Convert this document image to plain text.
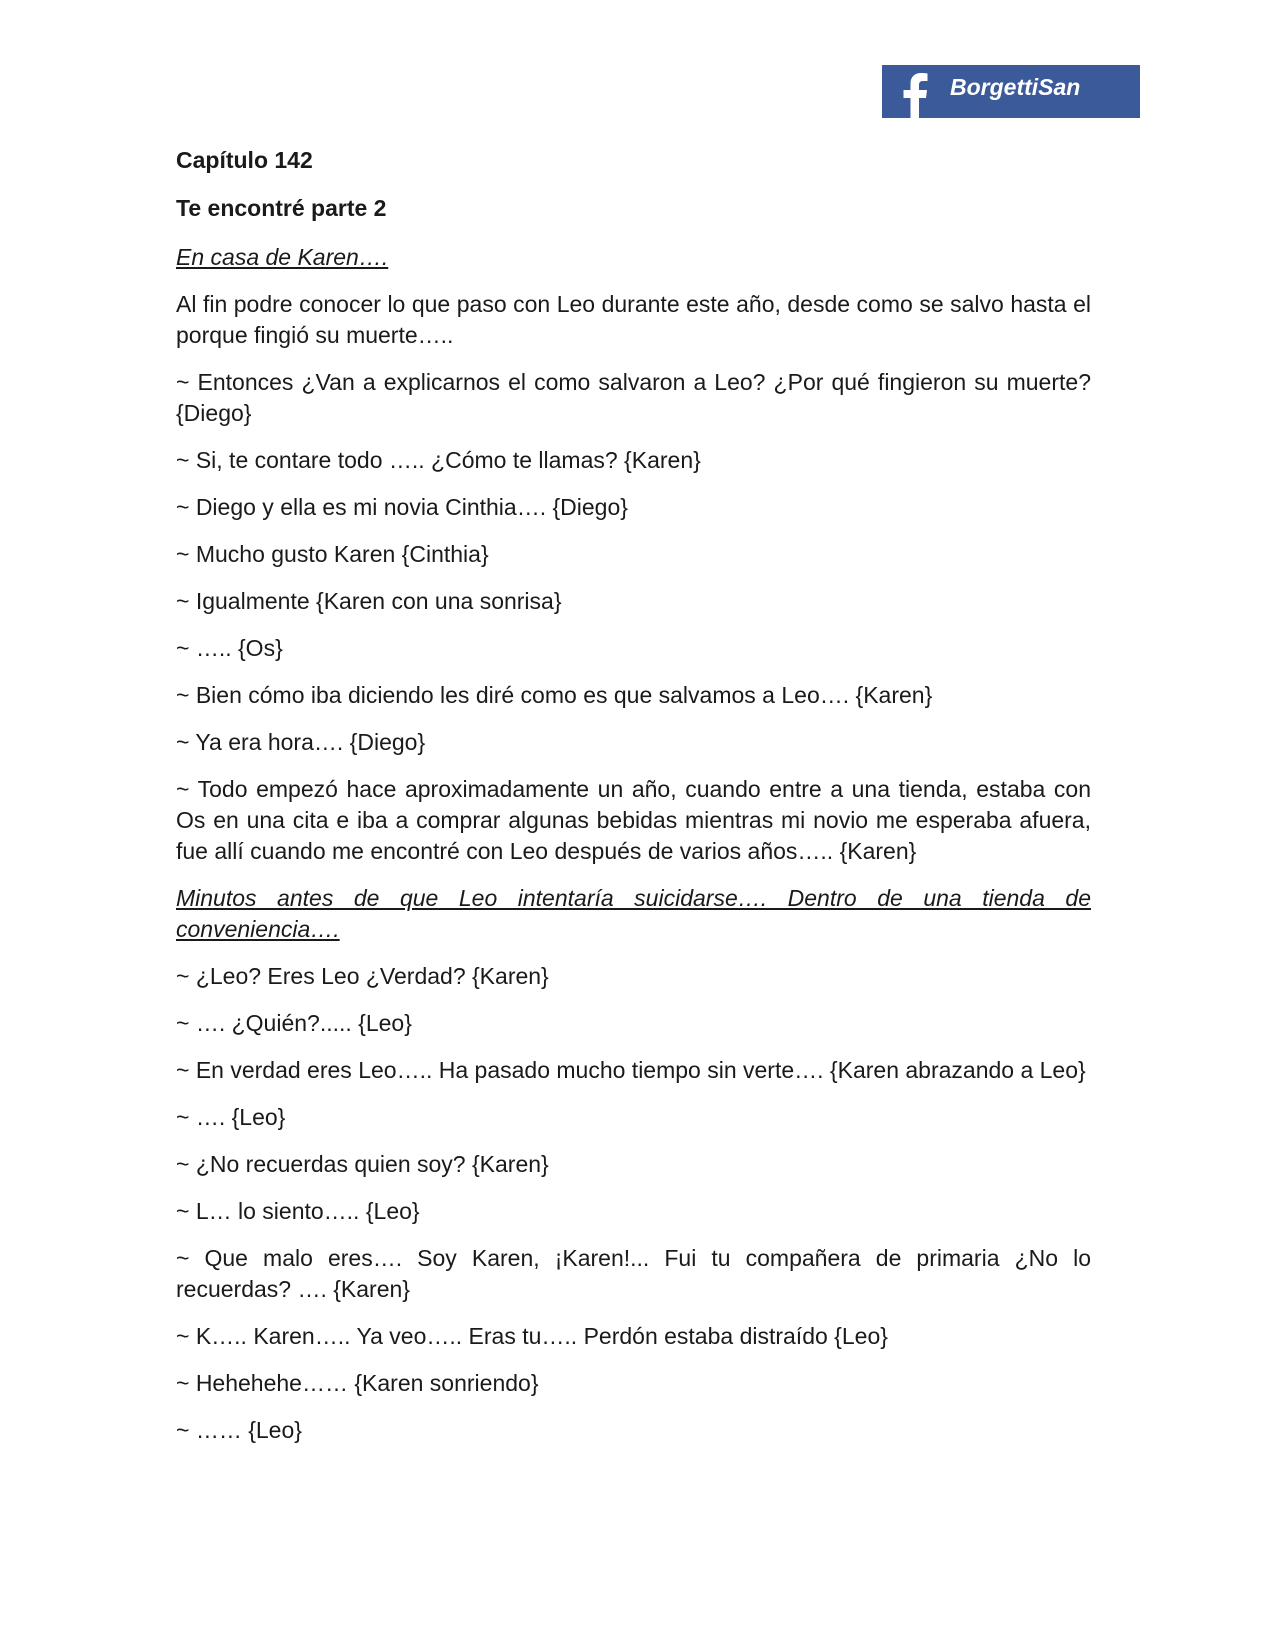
BorgettiSan
Capítulo 142
Te encontré parte 2
En casa de Karen….
Al fin podre conocer lo que paso con Leo durante este año, desde como se salvo hasta el porque fingió su muerte…..
~ Entonces ¿Van a explicarnos el como salvaron a Leo? ¿Por qué fingieron su muerte? {Diego}
~ Si, te contare todo ….. ¿Cómo te llamas? {Karen}
~ Diego y ella es mi novia Cinthia…. {Diego}
~ Mucho gusto Karen {Cinthia}
~ Igualmente {Karen con una sonrisa}
~ ….. {Os}
~ Bien cómo iba diciendo les diré como es que salvamos a Leo…. {Karen}
~ Ya era hora…. {Diego}
~ Todo empezó hace aproximadamente un año, cuando entre a una tienda, estaba con Os en una cita e iba a comprar algunas bebidas mientras mi novio me esperaba afuera, fue allí cuando me encontré con Leo después de varios años….. {Karen}
Minutos antes de que Leo intentaría suicidarse…. Dentro de una tienda de conveniencia….
~ ¿Leo? Eres Leo ¿Verdad? {Karen}
~ …. ¿Quién?..... {Leo}
~ En verdad eres Leo….. Ha pasado mucho tiempo sin verte…. {Karen abrazando a Leo}
~ …. {Leo}
~ ¿No recuerdas quien soy? {Karen}
~ L… lo siento….. {Leo}
~ Que malo eres…. Soy Karen, ¡Karen!... Fui tu compañera de primaria ¿No lo recuerdas? …. {Karen}
~ K….. Karen….. Ya veo….. Eras tu….. Perdón estaba distraído {Leo}
~ Hehehehe…… {Karen sonriendo}
~ …… {Leo}
